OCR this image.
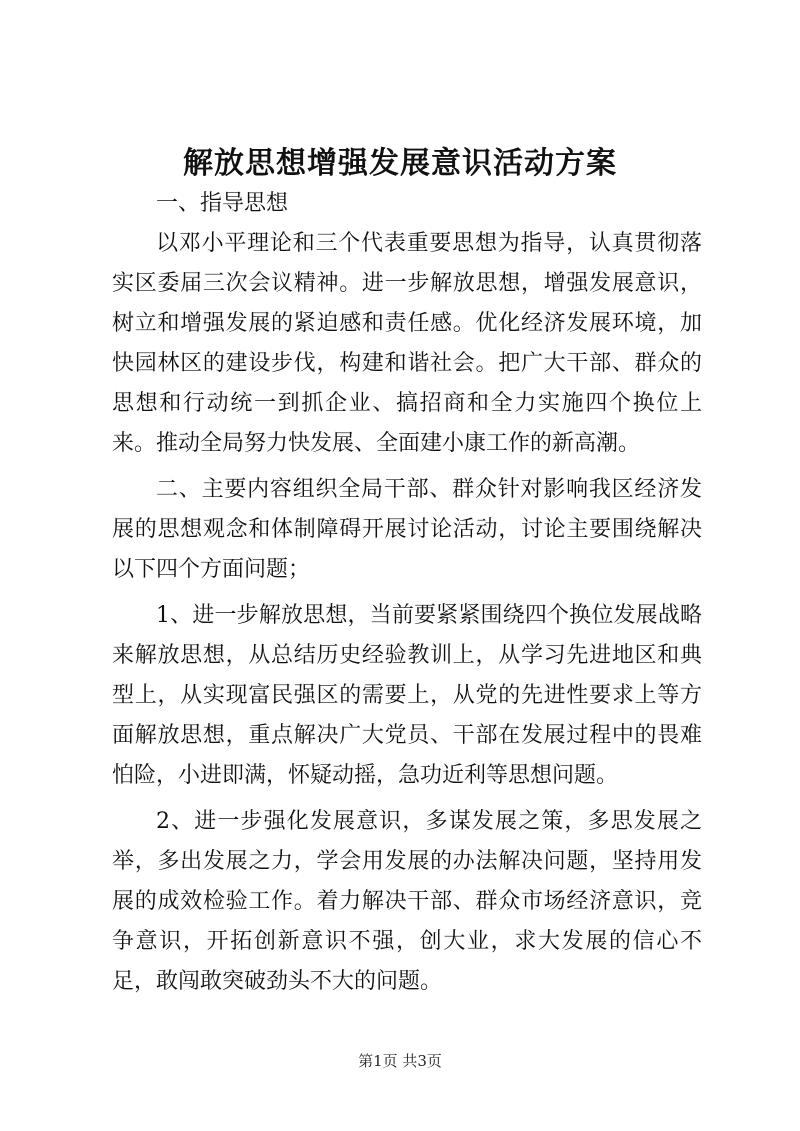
解放思想增强发展意识活动方案

一、指导思想

以邓小平理论和三个代表重要思想为指导，认真贯彻落实区委届三次会议精神。进一步解放思想，增强发展意识，树立和增强发展的紧迫感和责任感。优化经济发展环境，加快园林区的建设步伐，构建和谐社会。把广大干部、群众的思想和行动统一到抓企业、搞招商和全力实施四个换位上来。推动全局努力快发展、全面建小康工作的新高潮。

二、主要内容组织全局干部、群众针对影响我区经济发展的思想观念和体制障碍开展讨论活动，讨论主要围绕解决以下四个方面问题；

1、进一步解放思想，当前要紧紧围绕四个换位发展战略来解放思想，从总结历史经验教训上，从学习先进地区和典型上，从实现富民强区的需要上，从党的先进性要求上等方面解放思想，重点解决广大党员、干部在发展过程中的畏难怕险，小进即满，怀疑动摇，急功近利等思想问题。

2、进一步强化发展意识，多谋发展之策，多思发展之举，多出发展之力，学会用发展的办法解决问题，坚持用发展的成效检验工作。着力解决干部、群众市场经济意识，竞争意识，开拓创新意识不强，创大业，求大发展的信心不足，敢闯敢突破劲头不大的问题。

第1页 共3页
